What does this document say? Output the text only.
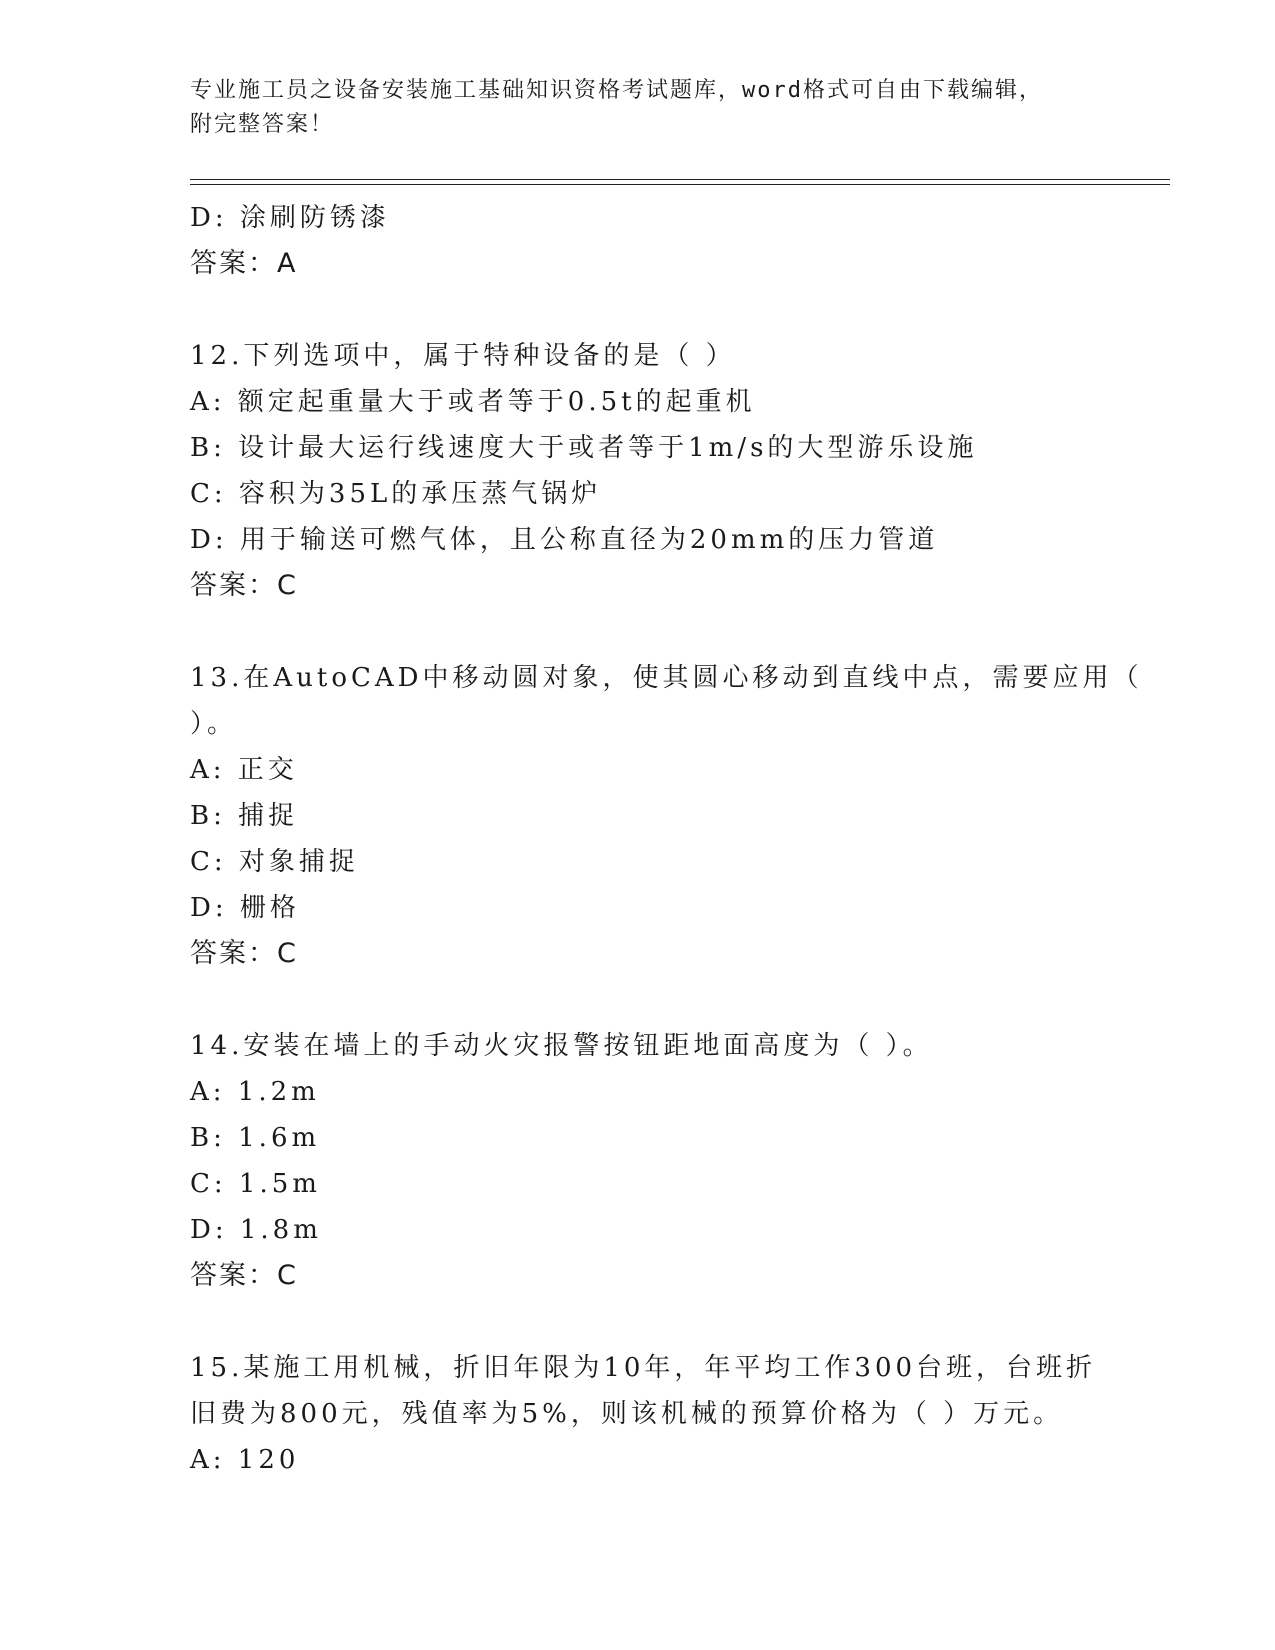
专业施工员之设备安装施工基础知识资格考试题库，word格式可自由下载编辑，
附完整答案！
D: 涂刷防锈漆
答案：A
12.下列选项中，属于特种设备的是（ ）
A: 额定起重量大于或者等于0.5t的起重机
B: 设计最大运行线速度大于或者等于1m/s的大型游乐设施
C: 容积为35L的承压蒸气锅炉
D: 用于输送可燃气体，且公称直径为20mm的压力管道
答案：C
13.在AutoCAD中移动圆对象，使其圆心移动到直线中点，需要应用（
）。
A: 正交
B: 捕捉
C: 对象捕捉
D: 栅格
答案：C
14.安装在墙上的手动火灾报警按钮距地面高度为（ ）。
A: 1.2m
B: 1.6m
C: 1.5m
D: 1.8m
答案：C
15.某施工用机械，折旧年限为10年，年平均工作300台班，台班折
旧费为800元，残值率为5%，则该机械的预算价格为（ ）万元。
A: 120
